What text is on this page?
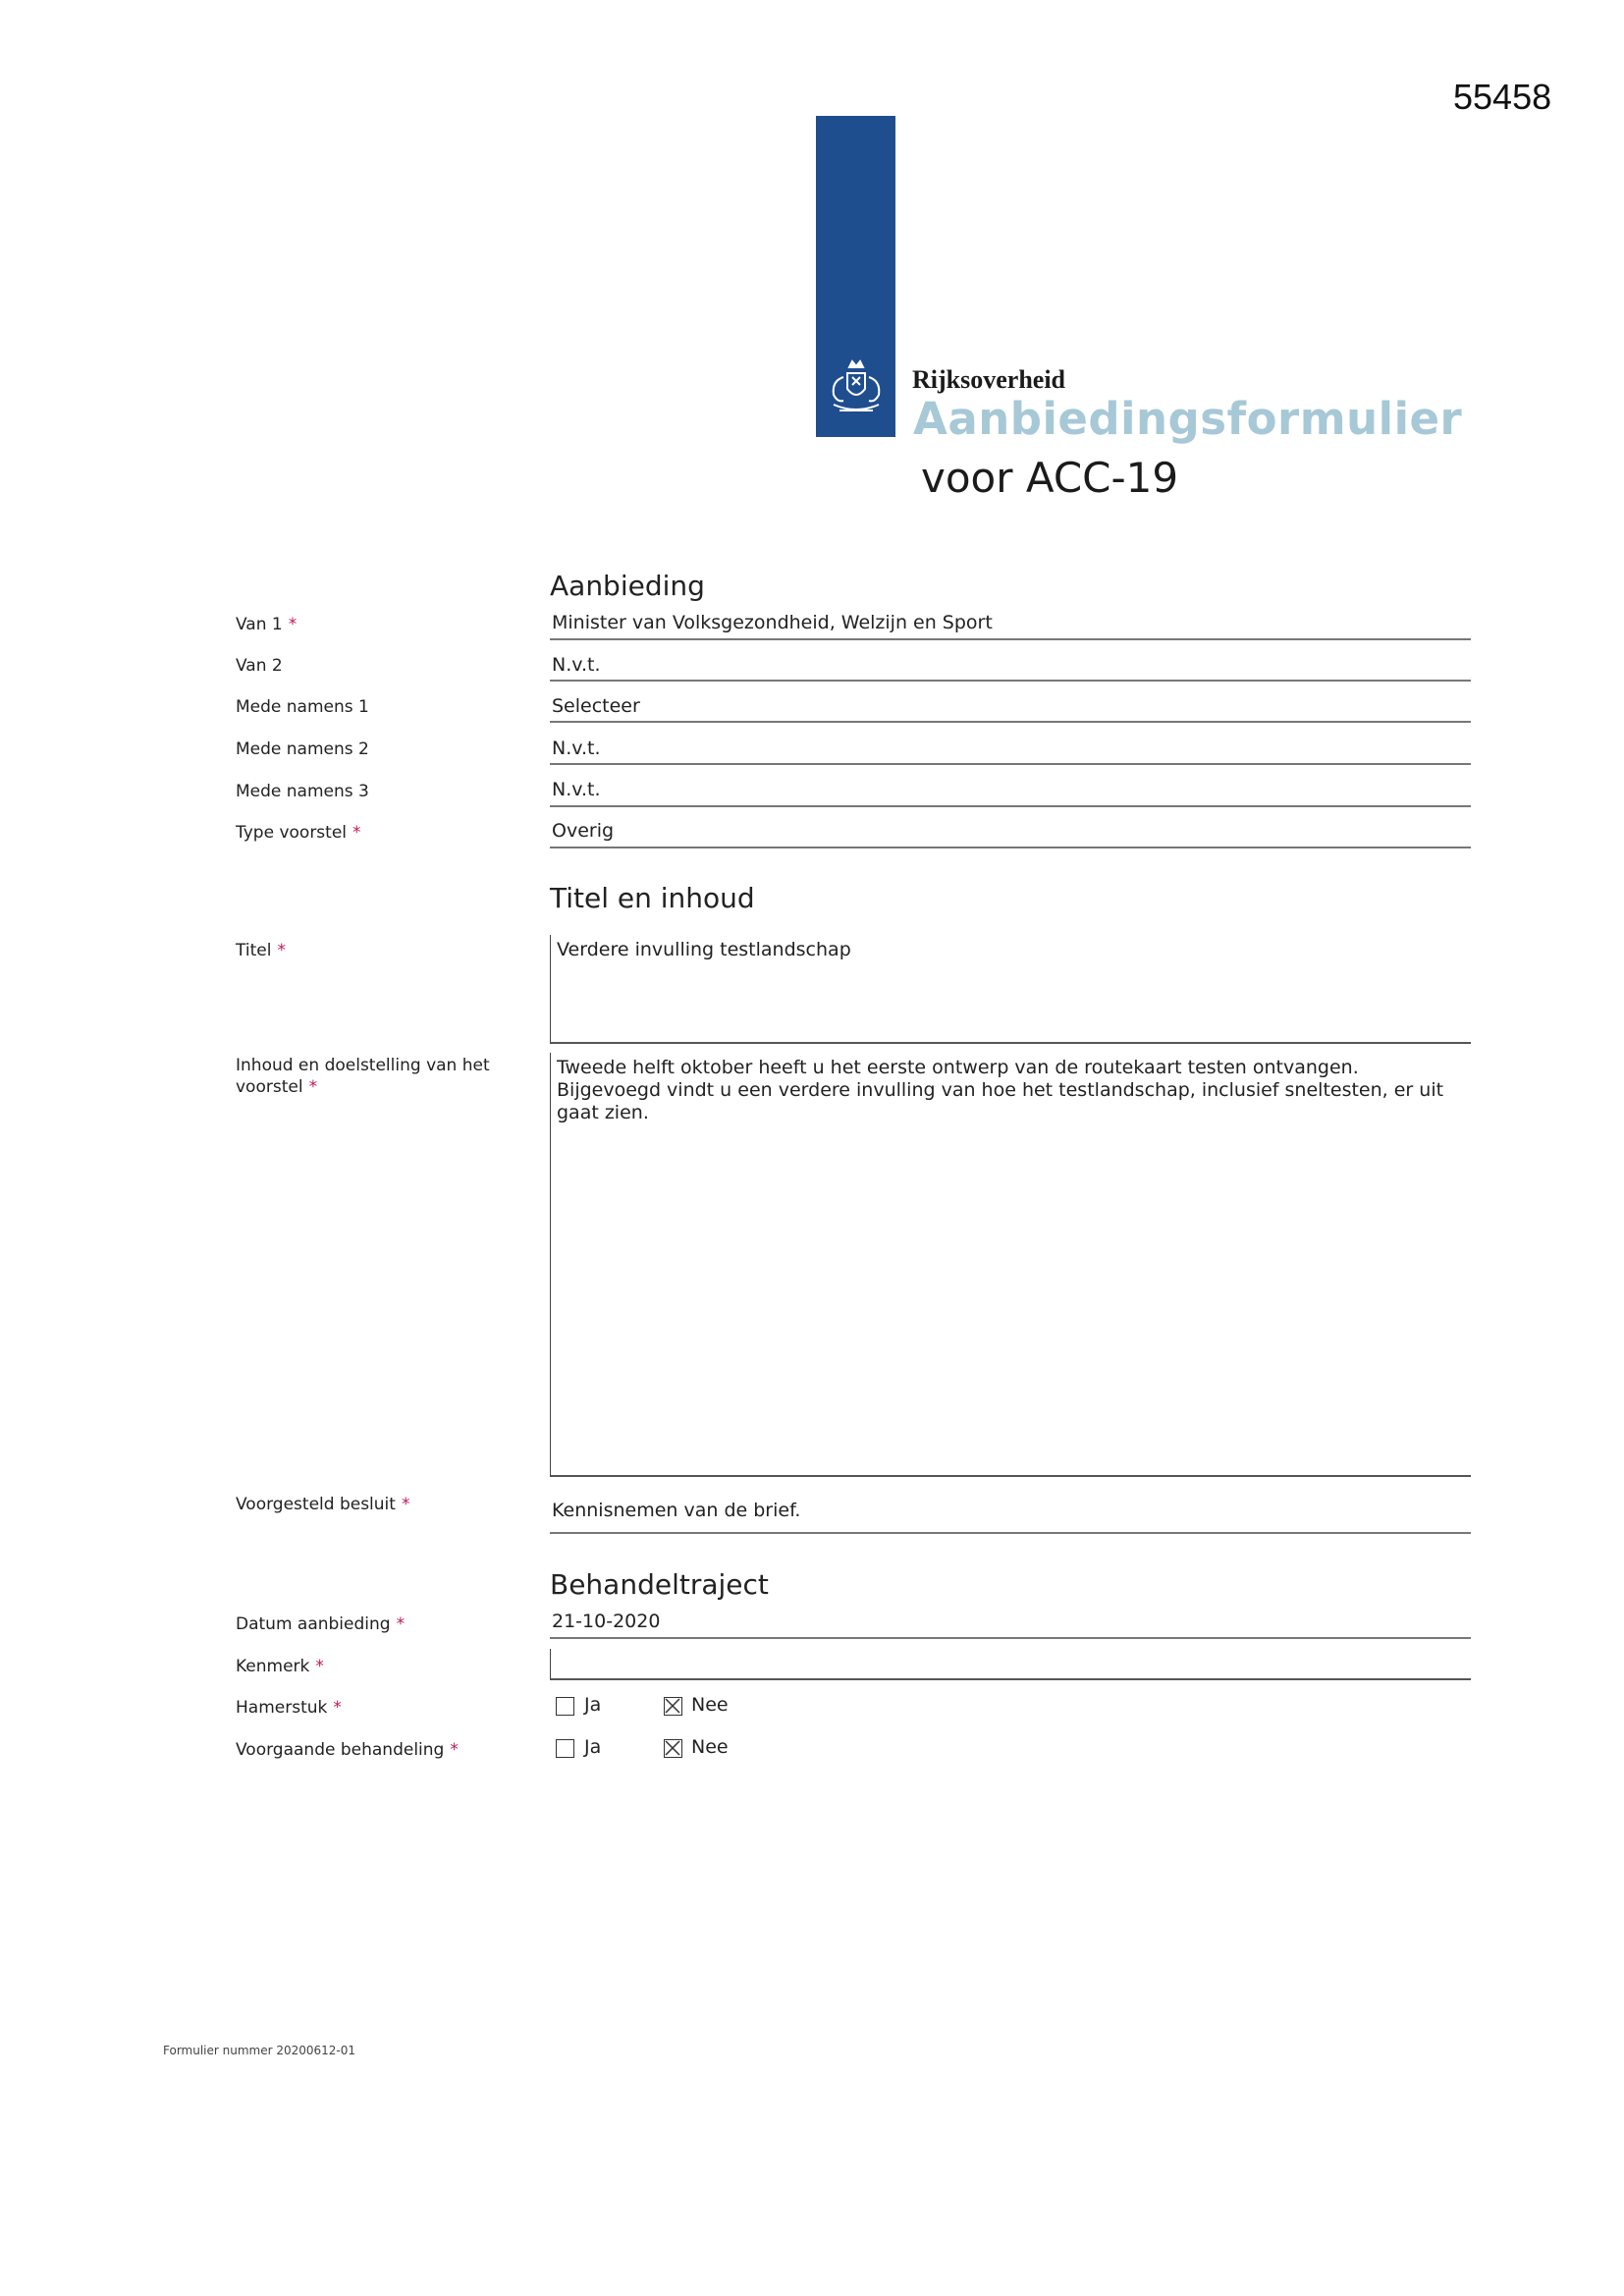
55458
Rijksoverheid
Aanbiedingsformulier
voor ACC-19
Aanbieding
Van 1 *	Minister van Volksgezondheid, Welzijn en Sport
Van 2	N.v.t.
Mede namens 1	Selecteer
Mede namens 2	N.v.t.
Mede namens 3	N.v.t.
Type voorstel *	Overig
Titel en inhoud
Titel *	Verdere invulling testlandschap
Inhoud en doelstelling van het
voorstel *
Tweede helft oktober heeft u het eerste ontwerp van de routekaart testen ontvangen.
Bijgevoegd vindt u een verdere invulling van hoe het testlandschap, inclusief sneltesten, er uit
gaat zien.
Voorgesteld besluit *	Kennisnemen van de brief.
Behandeltraject
Datum aanbieding *	21-10-2020
Kenmerk *
Hamerstuk *	Ja	Nee
Voorgaande behandeling *	Ja	Nee
Formulier nummer 20200612-01
